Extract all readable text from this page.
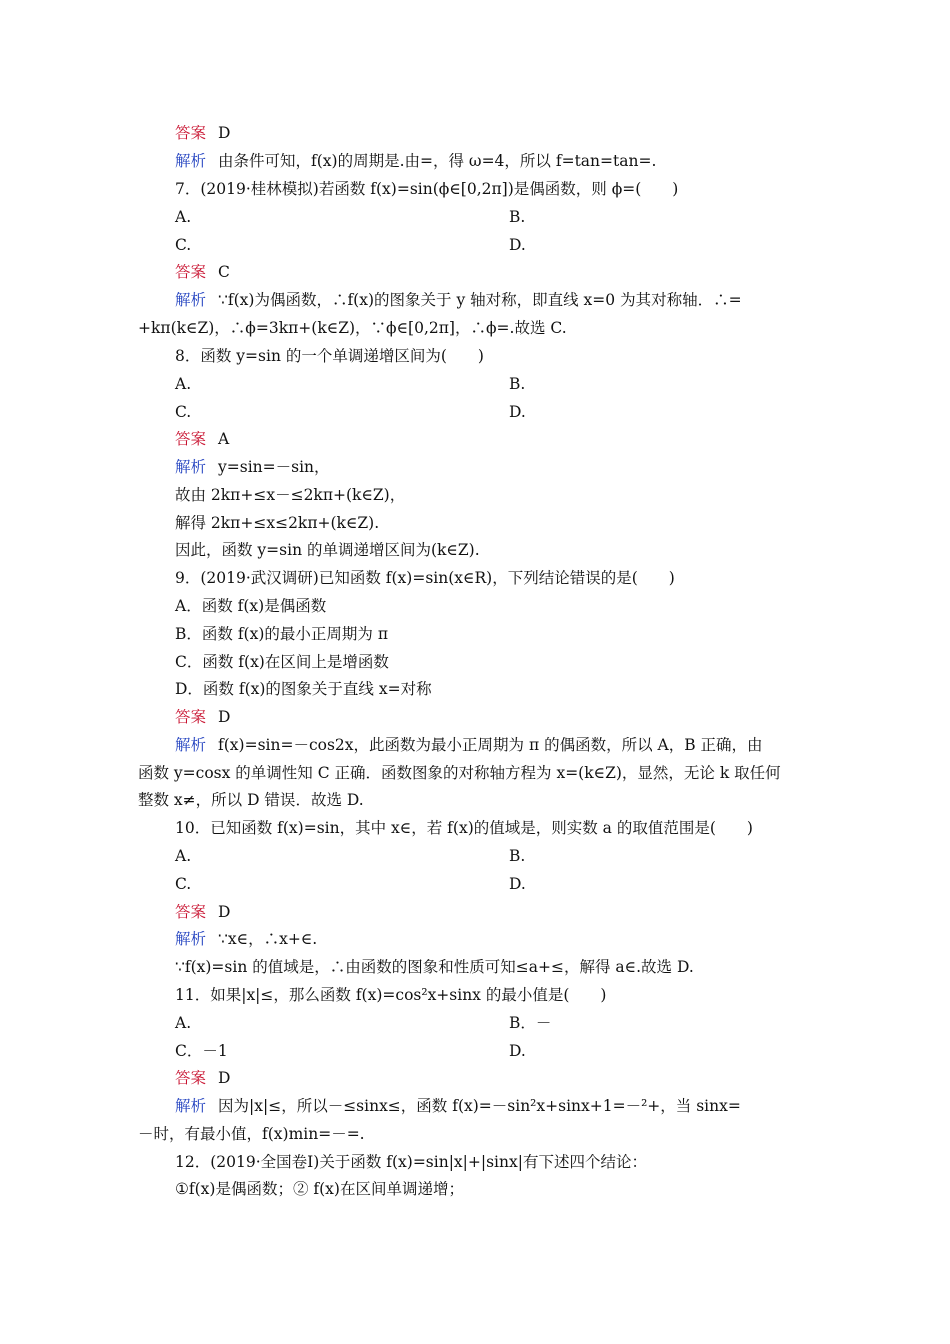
答案 D
解析 由条件可知，f(x)的周期是.由=，得 ω=4，所以 f=tan=tan=.
7．(2019·桂林模拟)若函数 f(x)=sin(ϕ∈[0,2π])是偶函数，则 ϕ=(　　)
A.	B.
C.	D.
答案 C
解析 ∵f(x)为偶函数，∴f(x)的图象关于 y 轴对称，即直线 x=0 为其对称轴．∴=
+kπ(k∈Z)，∴ϕ=3kπ+(k∈Z)，∵ϕ∈[0,2π]，∴ϕ=.故选 C.
8．函数 y=sin 的一个单调递增区间为(　　)
A.	B.
C.	D.
答案 A
解析 y=sin=－sin，
故由 2kπ+≤x－≤2kπ+(k∈Z)，
解得 2kπ+≤x≤2kπ+(k∈Z).
因此，函数 y=sin 的单调递增区间为(k∈Z).
9．(2019·武汉调研)已知函数 f(x)=sin(x∈R)，下列结论错误的是(　　)
A．函数 f(x)是偶函数
B．函数 f(x)的最小正周期为 π
C．函数 f(x)在区间上是增函数
D．函数 f(x)的图象关于直线 x=对称
答案 D
解析 f(x)=sin=－cos2x，此函数为最小正周期为 π 的偶函数，所以 A，B 正确，由
函数 y=cosx 的单调性知 C 正确．函数图象的对称轴方程为 x=(k∈Z)，显然，无论 k 取任何
整数 x≠，所以 D 错误．故选 D.
10．已知函数 f(x)=sin，其中 x∈，若 f(x)的值域是，则实数 a 的取值范围是(　　)
A.	B.
C.	D.
答案 D
解析 ∵x∈，∴x+∈.
∵f(x)=sin 的值域是，∴由函数的图象和性质可知≤a+≤，解得 a∈.故选 D.
11．如果|x|≤，那么函数 f(x)=cos²x+sinx 的最小值是(　　)
A.	B．－
C．－1	D.
答案 D
解析 因为|x|≤，所以－≤sinx≤，函数 f(x)=－sin²x+sinx+1=－²+，当 sinx=
－时，有最小值，f(x)min=－=.
12．(2019·全国卷Ⅰ)关于函数 f(x)=sin|x|+|sinx|有下述四个结论：
①f(x)是偶函数；② f(x)在区间单调递增；
